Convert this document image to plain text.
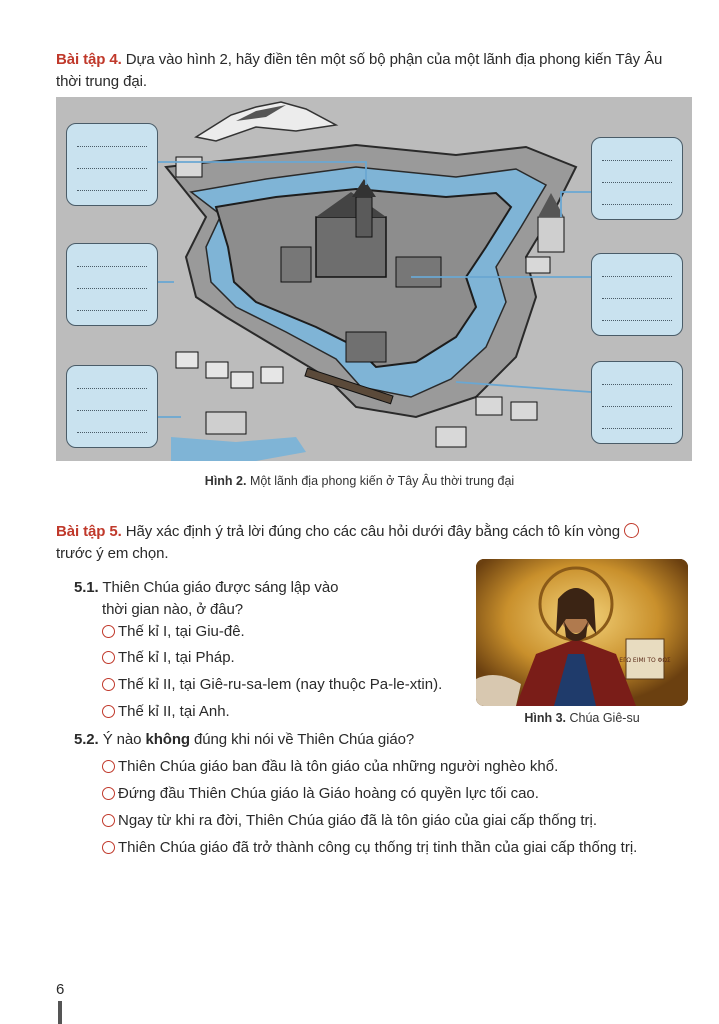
Bài tập 4. Dựa vào hình 2, hãy điền tên một số bộ phận của một lãnh địa phong kiến Tây Âu
thời trung đại.
Hình 2. Một lãnh địa phong kiến ở Tây Âu thời trung đại
Bài tập 5. Hãy xác định ý trả lời đúng cho các câu hỏi dưới đây bằng cách tô kín vòng
trước ý em chọn.
5.1. Thiên Chúa giáo được sáng lập vào
thời gian nào, ở đâu?
Thế kỉ I, tại Giu-đê.
Thế kỉ I, tại Pháp.
Thế kỉ II, tại Giê-ru-sa-lem (nay thuộc Pa-le-xtin).
Thế kỉ II, tại Anh.
ΕΓΩ ΕΙΜΙ ΤΟ ΦΩΣ
Hình 3. Chúa Giê-su
5.2. Ý nào không đúng khi nói về Thiên Chúa giáo?
Thiên Chúa giáo ban đầu là tôn giáo của những người nghèo khổ.
Đứng đầu Thiên Chúa giáo là Giáo hoàng có quyền lực tối cao.
Ngay từ khi ra đời, Thiên Chúa giáo đã là tôn giáo của giai cấp thống trị.
Thiên Chúa giáo đã trở thành công cụ thống trị tinh thần của giai cấp thống trị.
6
